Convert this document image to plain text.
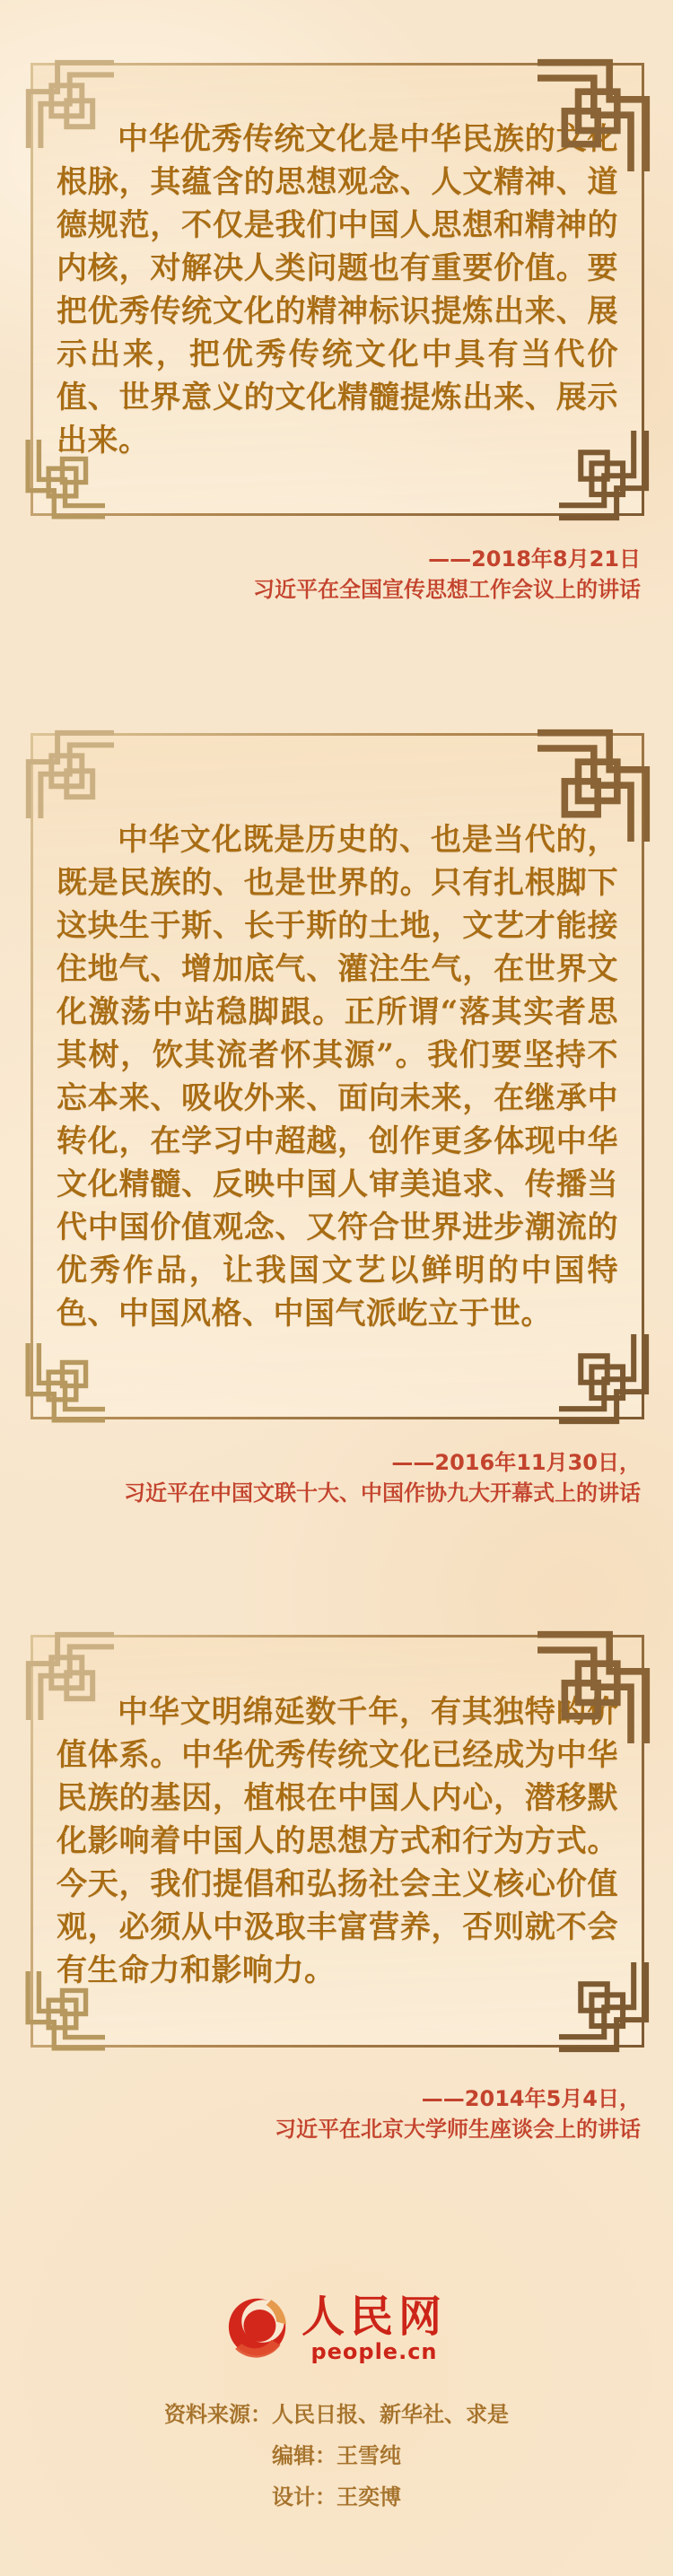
中华优秀传统文化是中华民族的文化根脉，其蕴含的思想观念、人文精神、道德规范，不仅是我们中国人思想和精神的内核，对解决人类问题也有重要价值。要把优秀传统文化的精神标识提炼出来、展示出来，把优秀传统文化中具有当代价值、世界意义的文化精髓提炼出来、展示出来。

——2018年8月21日
习近平在全国宣传思想工作会议上的讲话

中华文化既是历史的、也是当代的，既是民族的、也是世界的。只有扎根脚下这块生于斯、长于斯的土地，文艺才能接住地气、增加底气、灌注生气，在世界文化激荡中站稳脚跟。正所谓“落其实者思其树，饮其流者怀其源”。我们要坚持不忘本来、吸收外来、面向未来，在继承中转化，在学习中超越，创作更多体现中华文化精髓、反映中国人审美追求、传播当代中国价值观念、又符合世界进步潮流的优秀作品，让我国文艺以鲜明的中国特色、中国风格、中国气派屹立于世。

——2016年11月30日，
习近平在中国文联十大、中国作协九大开幕式上的讲话

中华文明绵延数千年，有其独特的价值体系。中华优秀传统文化已经成为中华民族的基因，植根在中国人内心，潜移默化影响着中国人的思想方式和行为方式。今天，我们提倡和弘扬社会主义核心价值观，必须从中汲取丰富营养，否则就不会有生命力和影响力。

——2014年5月4日，
习近平在北京大学师生座谈会上的讲话
人民网
people.cn
资料来源：人民日报、新华社、求是
编辑：王雪纯
设计：王奕博
